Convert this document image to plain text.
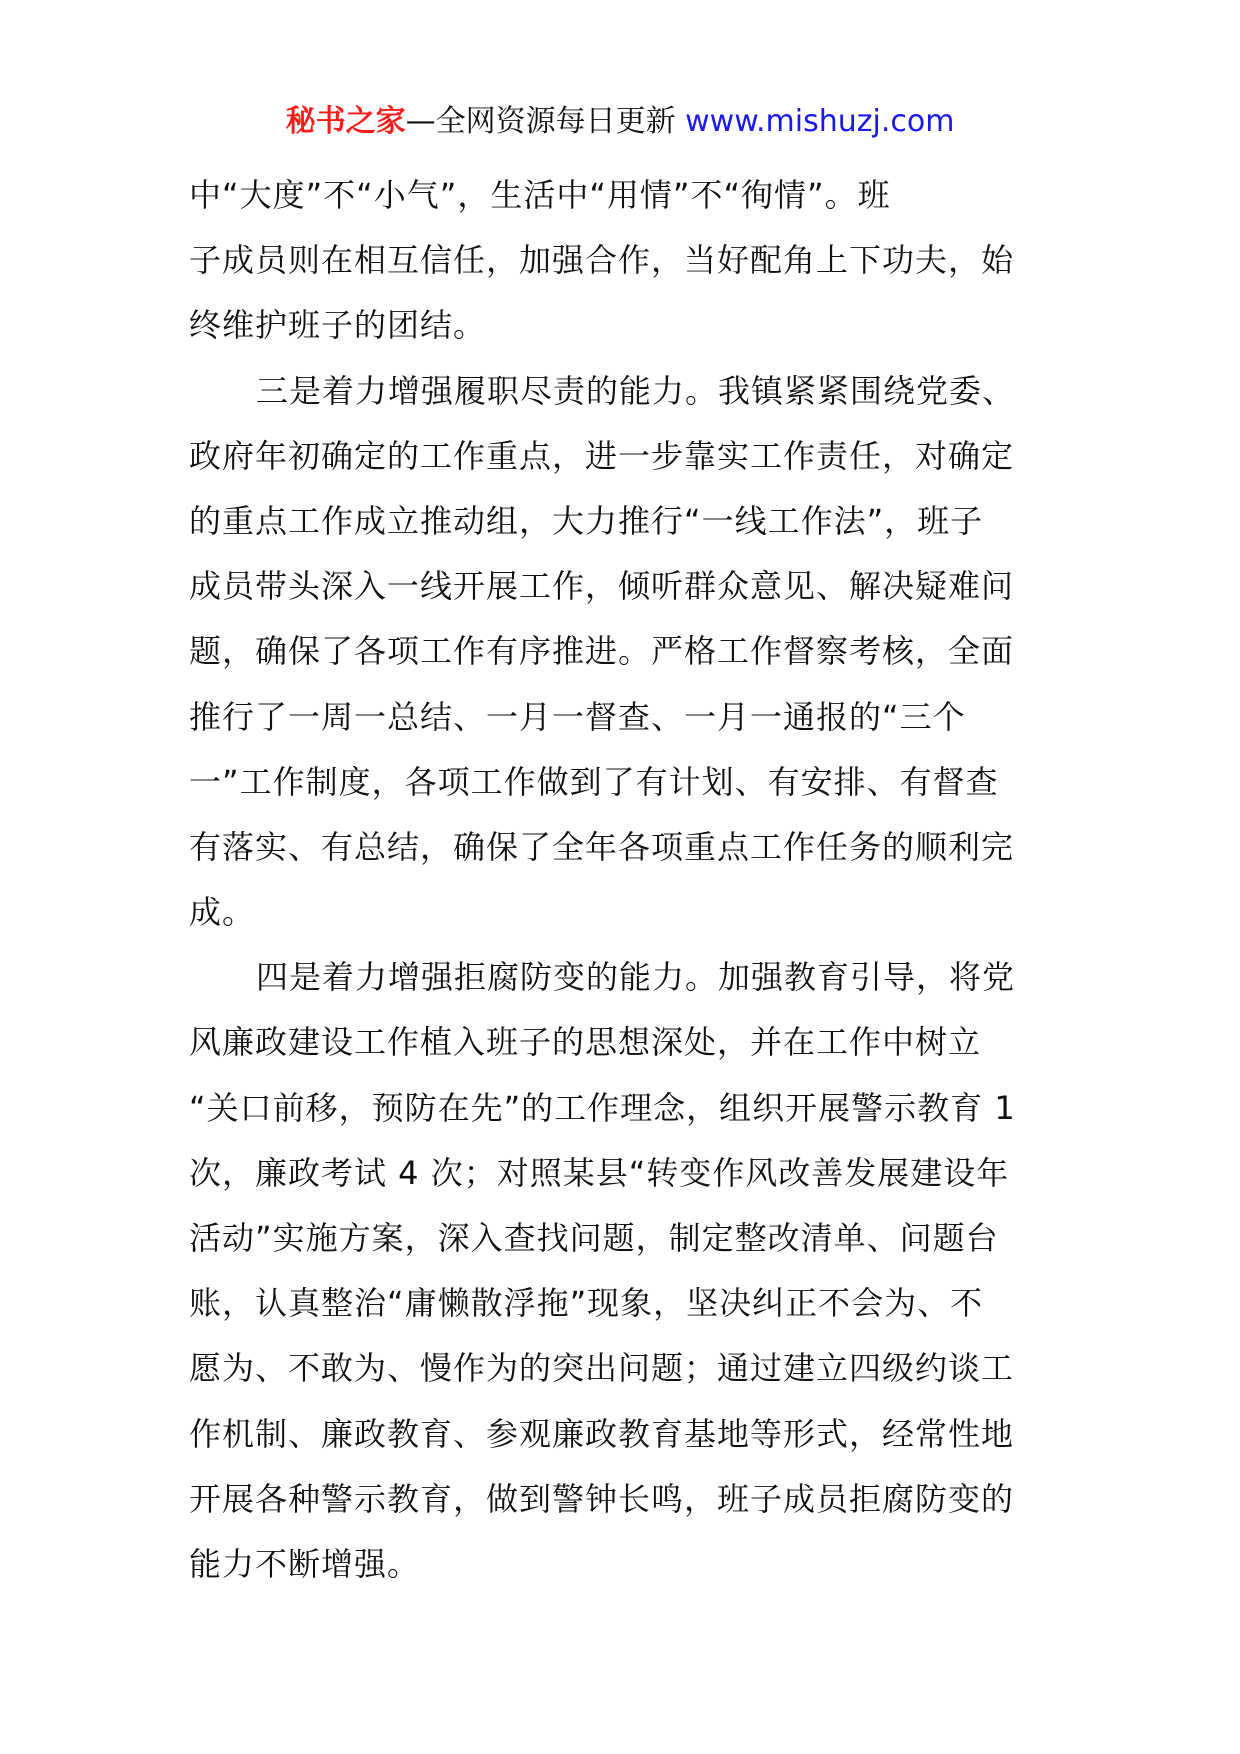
秘书之家—全网资源每日更新 www.mishuzj.com
中“大度”不“小气”，生活中“用情”不“徇情”。班
子成员则在相互信任，加强合作，当好配角上下功夫，始
终维护班子的团结。
三是着力增强履职尽责的能力。我镇紧紧围绕党委、
政府年初确定的工作重点，进一步靠实工作责任，对确定
的重点工作成立推动组，大力推行“一线工作法”，班子
成员带头深入一线开展工作，倾听群众意见、解决疑难问
题，确保了各项工作有序推进。严格工作督察考核，全面
推行了一周一总结、一月一督查、一月一通报的“三个
一”工作制度，各项工作做到了有计划、有安排、有督查
有落实、有总结，确保了全年各项重点工作任务的顺利完
成。
四是着力增强拒腐防变的能力。加强教育引导，将党
风廉政建设工作植入班子的思想深处，并在工作中树立
“关口前移，预防在先”的工作理念，组织开展警示教育 1
次，廉政考试 4 次；对照某县“转变作风改善发展建设年
活动”实施方案，深入查找问题，制定整改清单、问题台
账，认真整治“庸懒散浮拖”现象，坚决纠正不会为、不
愿为、不敢为、慢作为的突出问题；通过建立四级约谈工
作机制、廉政教育、参观廉政教育基地等形式，经常性地
开展各种警示教育，做到警钟长鸣，班子成员拒腐防变的
能力不断增强。
